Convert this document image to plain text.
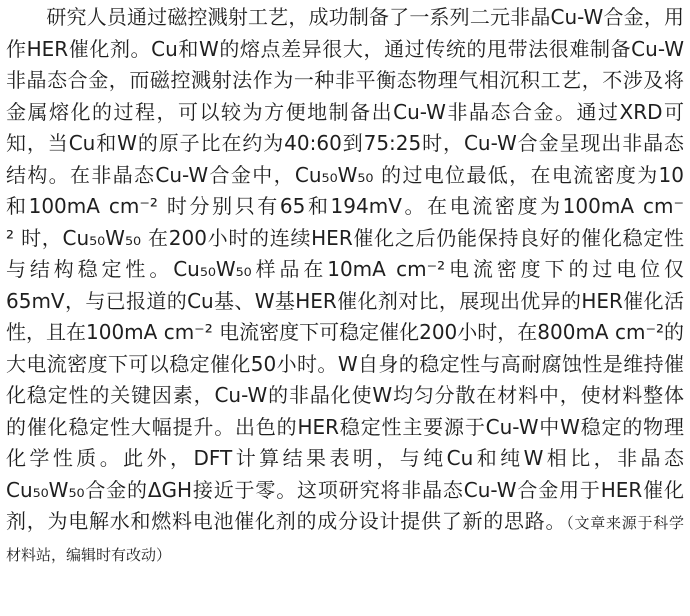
　　研究人员通过磁控溅射工艺，成功制备了一系列二元非晶Cu-W合金，用
作HER催化剂。Cu和W的熔点差异很大，通过传统的甩带法很难制备Cu-W
非晶态合金，而磁控溅射法作为一种非平衡态物理气相沉积工艺，不涉及将
金属熔化的过程，可以较为方便地制备出Cu-W非晶态合金。通过XRD可
知，当Cu和W的原子比在约为40:60到75:25时，Cu-W合金呈现出非晶态
结构。在非晶态Cu-W合金中，Cu₅₀W₅₀ 的过电位最低，在电流密度为10
和100mA cm⁻² 时分别只有65和194mV。在电流密度为100mA cm⁻
² 时，Cu₅₀W₅₀ 在200小时的连续HER催化之后仍能保持良好的催化稳定性
与结构稳定性。Cu₅₀W₅₀样品在10mA cm⁻²电流密度下的过电位仅
65mV，与已报道的Cu基、W基HER催化剂对比，展现出优异的HER催化活
性，且在100mA cm⁻² 电流密度下可稳定催化200小时，在800mA cm⁻²的
大电流密度下可以稳定催化50小时。W自身的稳定性与高耐腐蚀性是维持催
化稳定性的关键因素，Cu-W的非晶化使W均匀分散在材料中，使材料整体
的催化稳定性大幅提升。出色的HER稳定性主要源于Cu-W中W稳定的物理
化学性质。此外，DFT计算结果表明，与纯Cu和纯W相比，非晶态
Cu₅₀W₅₀合金的ΔGH接近于零。这项研究将非晶态Cu-W合金用于HER催化
剂，为电解水和燃料电池催化剂的成分设计提供了新的思路。（文章来源于科学
材料站，编辑时有改动）
